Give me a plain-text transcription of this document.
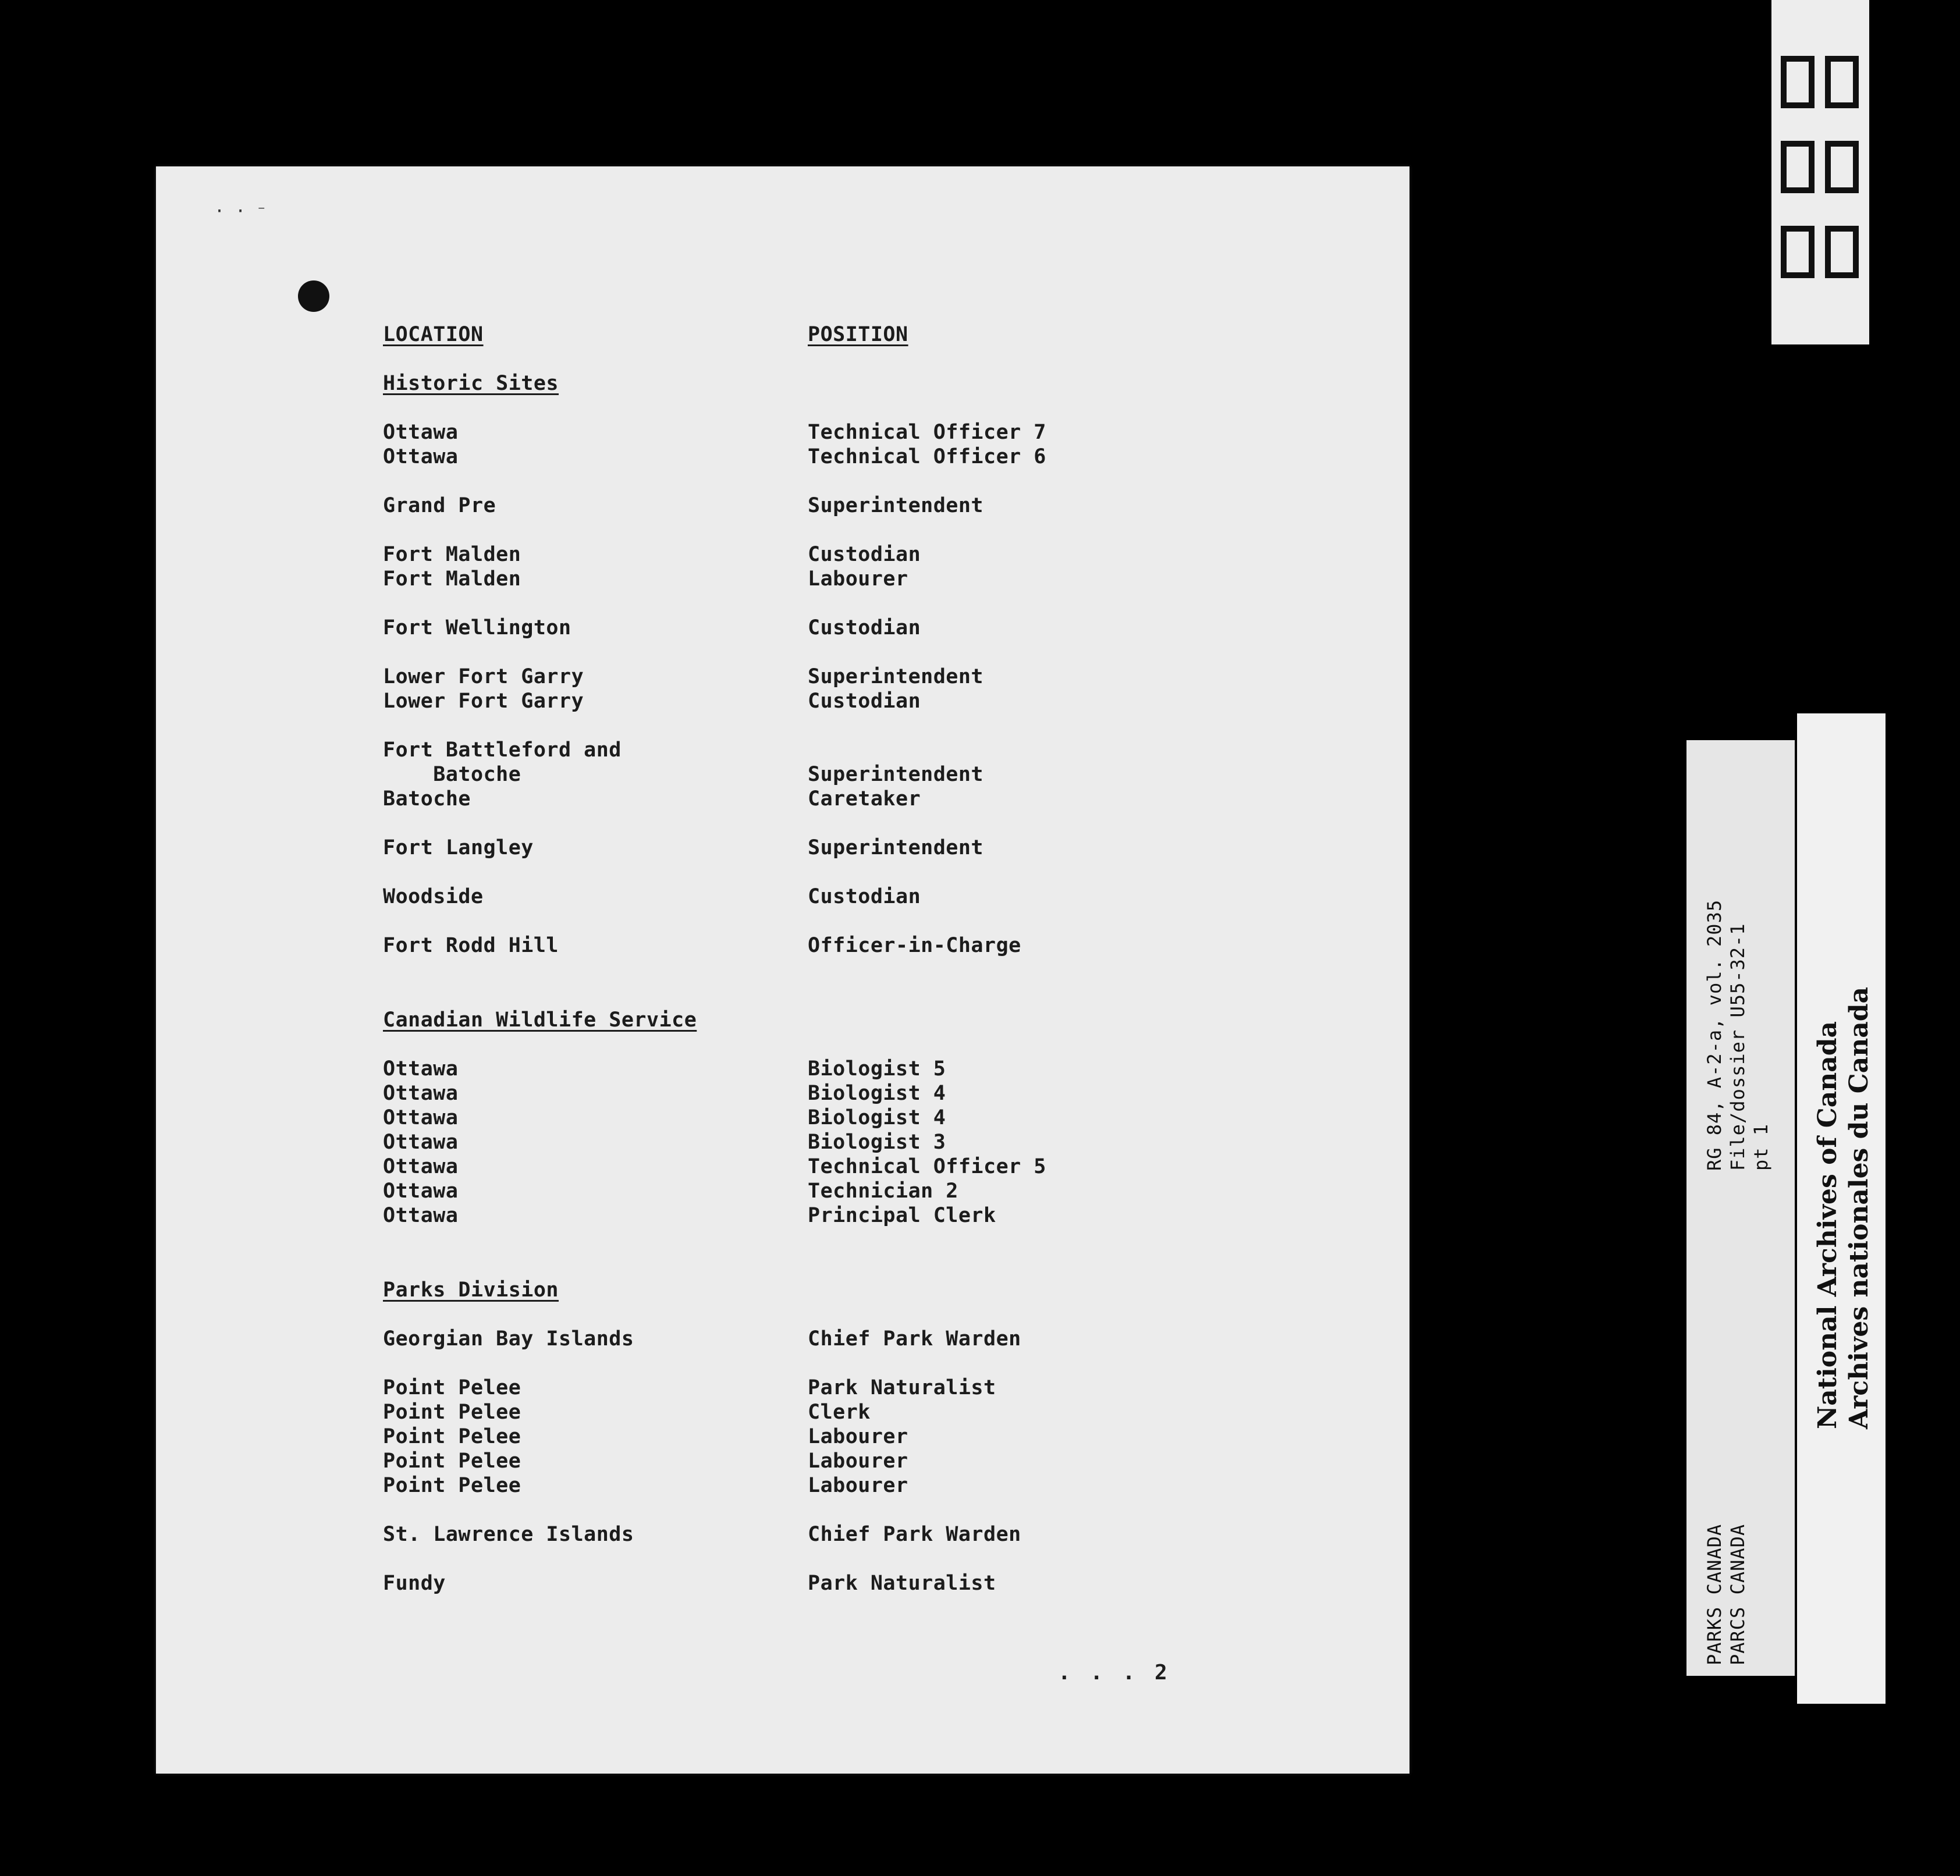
· · ⁻
LOCATION	POSITION
Historic Sites
Ottawa	Technical Officer 7
Ottawa	Technical Officer 6
Grand Pre	Superintendent
Fort Malden	Custodian
Fort Malden	Labourer
Fort Wellington	Custodian
Lower Fort Garry	Superintendent
Lower Fort Garry	Custodian
Fort Battleford and
Batoche	Superintendent
Batoche	Caretaker
Fort Langley	Superintendent
Woodside	Custodian
Fort Rodd Hill	Officer-in-Charge
Canadian Wildlife Service
Ottawa	Biologist 5
Ottawa	Biologist 4
Ottawa	Biologist 4
Ottawa	Biologist 3
Ottawa	Technical Officer 5
Ottawa	Technician 2
Ottawa	Principal Clerk
Parks Division
Georgian Bay Islands	Chief Park Warden
Point Pelee	Park Naturalist
Point Pelee	Clerk
Point Pelee	Labourer
Point Pelee	Labourer
Point Pelee	Labourer
St. Lawrence Islands	Chief Park Warden
Fundy	Park Naturalist
. . . 2
RG 84, A-2-a, vol. 2035 File/dossier U55-32-1 pt 1
PARKS CANADA PARCS CANADA
National Archives of Canada Archives nationales du Canada
